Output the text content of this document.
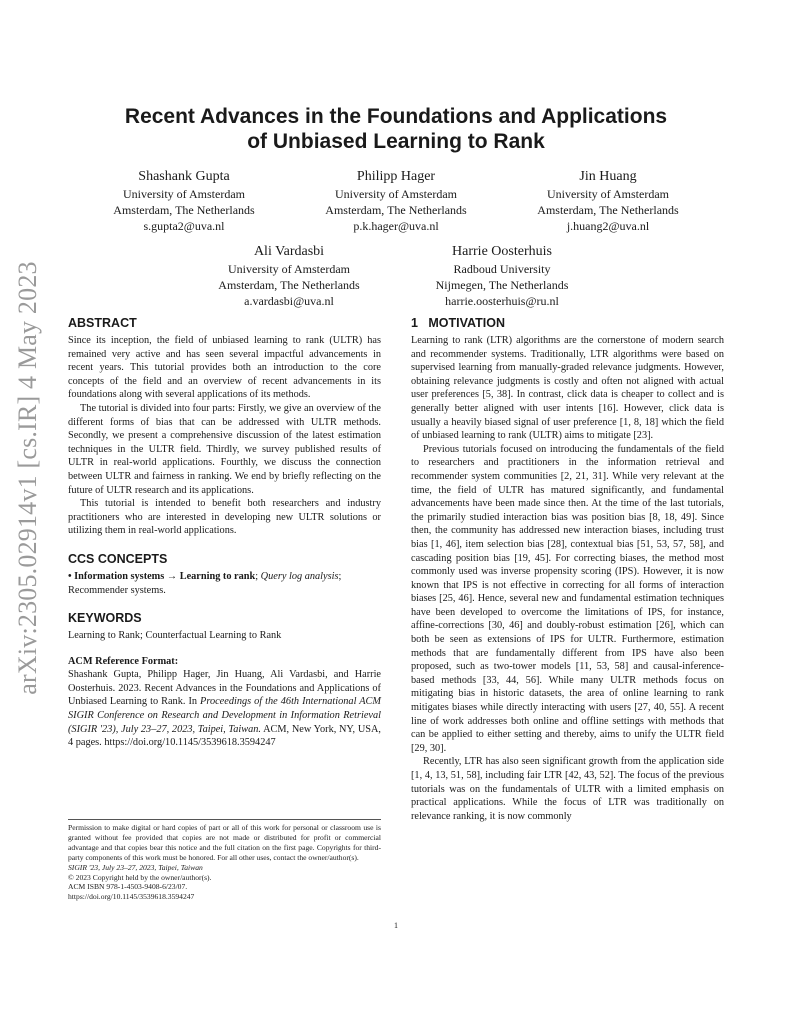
arXiv:2305.02914v1 [cs.IR] 4 May 2023
Recent Advances in the Foundations and Applications
of Unbiased Learning to Rank
Shashank Gupta
University of Amsterdam
Amsterdam, The Netherlands
s.gupta2@uva.nl
Philipp Hager
University of Amsterdam
Amsterdam, The Netherlands
p.k.hager@uva.nl
Jin Huang
University of Amsterdam
Amsterdam, The Netherlands
j.huang2@uva.nl
Ali Vardasbi
University of Amsterdam
Amsterdam, The Netherlands
a.vardasbi@uva.nl
Harrie Oosterhuis
Radboud University
Nijmegen, The Netherlands
harrie.oosterhuis@ru.nl
ABSTRACT

Since its inception, the field of unbiased learning to rank (ULTR) has remained very active and has seen several impactful advancements in recent years. This tutorial provides both an introduction to the core concepts of the field and an overview of recent advancements in its foundations along with several applications of its methods.

The tutorial is divided into four parts: Firstly, we give an overview of the different forms of bias that can be addressed with ULTR methods. Secondly, we present a comprehensive discussion of the latest estimation techniques in the ULTR field. Thirdly, we survey published results of ULTR in real-world applications. Fourthly, we discuss the connection between ULTR and fairness in ranking. We end by briefly reflecting on the future of ULTR research and its applications.

This tutorial is intended to benefit both researchers and industry practitioners who are interested in developing new ULTR solutions or utilizing them in real-world applications.

CCS CONCEPTS

• Information systems → Learning to rank; Query log analysis; Recommender systems.

KEYWORDS

Learning to Rank; Counterfactual Learning to Rank

ACM Reference Format:

Shashank Gupta, Philipp Hager, Jin Huang, Ali Vardasbi, and Harrie Oosterhuis. 2023. Recent Advances in the Foundations and Applications of Unbiased Learning to Rank. In Proceedings of the 46th International ACM SIGIR Conference on Research and Development in Information Retrieval (SIGIR '23), July 23–27, 2023, Taipei, Taiwan. ACM, New York, NY, USA, 4 pages. https://doi.org/10.1145/3539618.3594247

Permission to make digital or hard copies of part or all of this work for personal or classroom use is granted without fee provided that copies are not made or distributed for profit or commercial advantage and that copies bear this notice and the full citation on the first page. Copyrights for third-party components of this work must be honored. For all other uses, contact the owner/author(s).

SIGIR '23, July 23–27, 2023, Taipei, Taiwan

© 2023 Copyright held by the owner/author(s).

ACM ISBN 978-1-4503-9408-6/23/07.

https://doi.org/10.1145/3539618.3594247

1   MOTIVATION

Learning to rank (LTR) algorithms are the cornerstone of modern search and recommender systems. Traditionally, LTR algorithms were based on supervised learning from manually-graded relevance judgments. However, obtaining relevance judgments is costly and often not aligned with actual user preferences [5, 38]. In contrast, click data is cheaper to collect and is generally better aligned with user intents [16]. However, click data is usually a heavily biased signal of user preference [1, 8, 18] which the field of unbiased learning to rank (ULTR) aims to mitigate [23].

Previous tutorials focused on introducing the fundamentals of the field to researchers and practitioners in the information retrieval and recommender system communities [2, 21, 31]. While very relevant at the time, the field of ULTR has matured significantly, and fundamental advancements have been made since then. At the time of the last tutorials, the primarily studied interaction bias was position bias [8, 18, 49]. Since then, the community has addressed new interaction biases, including trust bias [1, 46], item selection bias [28], contextual bias [51, 53, 57, 58], and cascading position bias [19, 45]. For correcting biases, the method most commonly used was inverse propensity scoring (IPS). However, it is now known that IPS is not effective in correcting for all forms of interaction biases [25, 46]. Hence, several new and fundamental estimation techniques have been developed to overcome the limitations of IPS, for instance, affine-corrections [30, 46] and doubly-robust estimation [26], which can both be seen as extensions of IPS for ULTR. Furthermore, estimation methods that are fundamentally different from IPS have also been proposed, such as two-tower models [11, 53, 58] and causal-inference-based methods [33, 44, 56]. While many ULTR methods focus on mitigating bias in historic datasets, the area of online learning to rank mitigates biases while directly interacting with users [27, 40, 55]. A recent line of work addresses both online and offline settings with methods that can be applied to either setting and thereby, aims to unify the ULTR field [29, 30].

Recently, LTR has also seen significant growth from the application side [1, 4, 13, 51, 58], including fair LTR [42, 43, 52]. The focus of the previous tutorials was on the fundamentals of ULTR with a limited emphasis on practical applications. While the focus of LTR was traditionally on relevance ranking, it is now commonly

1
